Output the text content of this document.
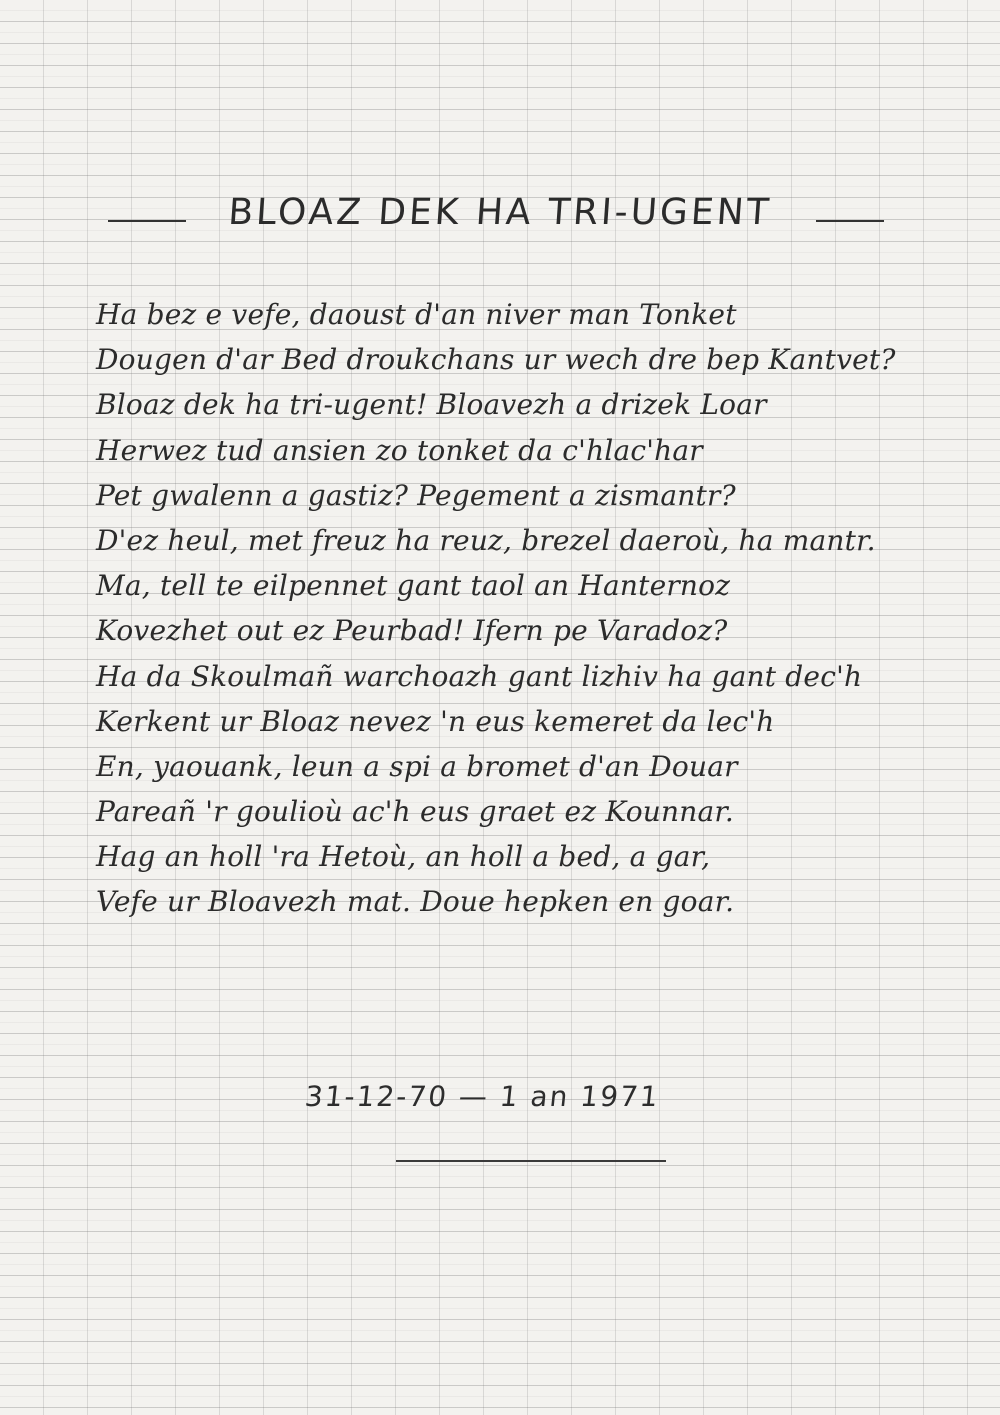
BLOAZ DEK HA TRI-UGENT
Ha bez e vefe, daoust d'an niver man Tonket
Dougen d'ar Bed droukchans ur wech dre bep Kantvet?
Bloaz dek ha tri-ugent! Bloavezh a drizek Loar
Herwez tud ansien zo tonket da c'hlac'har
Pet gwalenn a gastiz? Pegement a zismantr?
D'ez heul, met freuz ha reuz, brezel daeroù, ha mantr.
Ma, tell te eilpennet gant taol an Hanternoz
Kovezhet out ez Peurbad! Ifern pe Varadoz?
Ha da Skoulmañ warchoazh gant lizhiv ha gant dec'h
Kerkent ur Bloaz nevez 'n eus kemeret da lec'h
En, yaouank, leun a spi a bromet d'an Douar
Pareañ 'r goulioù ac'h eus graet ez Kounnar.
Hag an holl 'ra Hetoù, an holl a bed, a gar,
Vefe ur Bloavezh mat. Doue hepken en goar.
31-12-70 — 1 an 1971
